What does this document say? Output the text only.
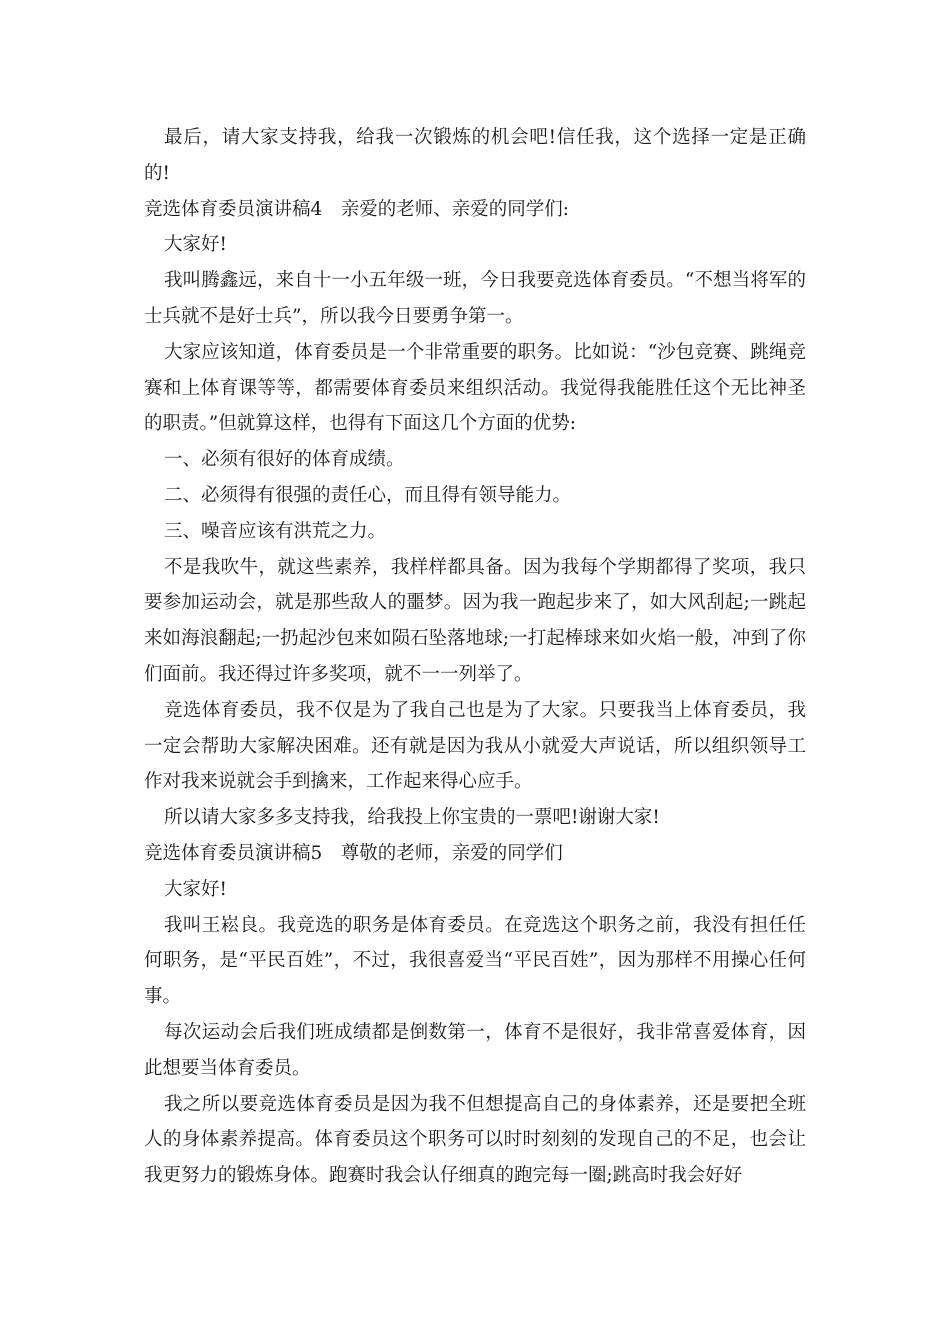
最后，请大家支持我，给我一次锻炼的机会吧!信任我，这个选择一定是正确的!

竞选体育委员演讲稿4　亲爱的老师、亲爱的同学们:

大家好!

我叫腾鑫远，来自十一小五年级一班，今日我要竞选体育委员。“不想当将军的士兵就不是好士兵”，所以我今日要勇争第一。

大家应该知道，体育委员是一个非常重要的职务。比如说：“沙包竞赛、跳绳竞赛和上体育课等等，都需要体育委员来组织活动。我觉得我能胜任这个无比神圣的职责。”但就算这样，也得有下面这几个方面的优势:

一、必须有很好的体育成绩。

二、必须得有很强的责任心，而且得有领导能力。

三、噪音应该有洪荒之力。

不是我吹牛，就这些素养，我样样都具备。因为我每个学期都得了奖项，我只要参加运动会，就是那些敌人的噩梦。因为我一跑起步来了，如大风刮起;一跳起来如海浪翻起;一扔起沙包来如陨石坠落地球;一打起棒球来如火焰一般，冲到了你们面前。我还得过许多奖项，就不一一列举了。

竞选体育委员，我不仅是为了我自己也是为了大家。只要我当上体育委员，我一定会帮助大家解决困难。还有就是因为我从小就爱大声说话，所以组织领导工作对我来说就会手到擒来，工作起来得心应手。

所以请大家多多支持我，给我投上你宝贵的一票吧!谢谢大家!

竞选体育委员演讲稿5　尊敬的老师，亲爱的同学们

大家好!

我叫王崧良。我竞选的职务是体育委员。在竞选这个职务之前，我没有担任任何职务，是“平民百姓”，不过，我很喜爱当“平民百姓”，因为那样不用操心任何事。

每次运动会后我们班成绩都是倒数第一，体育不是很好，我非常喜爱体育，因此想要当体育委员。

我之所以要竞选体育委员是因为我不但想提高自己的身体素养，还是要把全班人的身体素养提高。体育委员这个职务可以时时刻刻的发现自己的不足，也会让我更努力的锻炼身体。跑赛时我会认仔细真的跑完每一圈;跳高时我会好好
